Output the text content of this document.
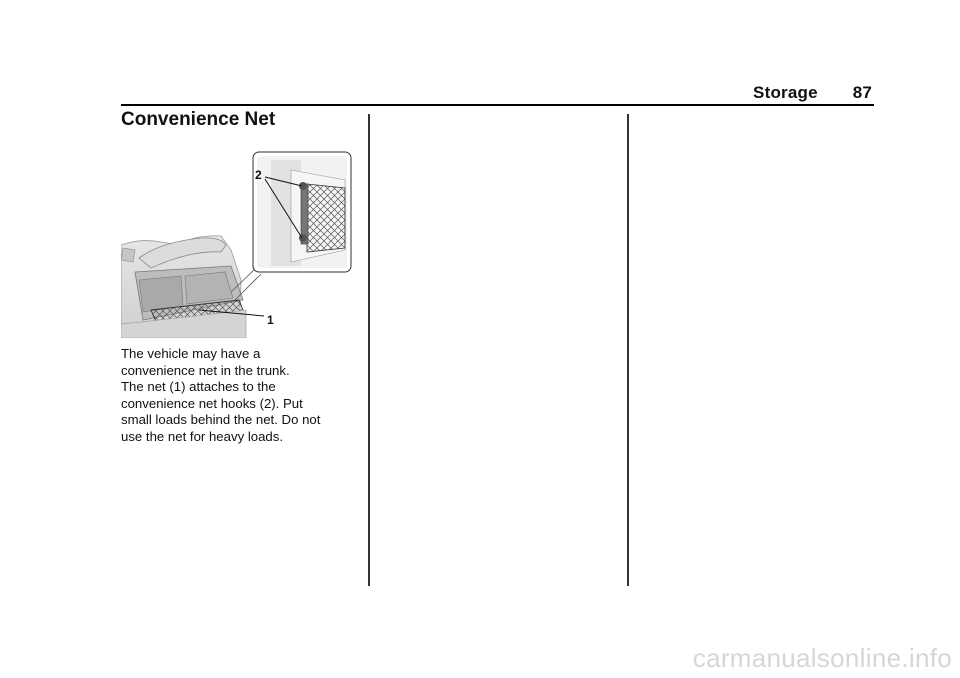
Storage 87
Convenience Net
2
1

The vehicle may have a
convenience net in the trunk.
The net (1) attaches to the
convenience net hooks (2). Put
small loads behind the net. Do not
use the net for heavy loads.

carmanualsonline.info
